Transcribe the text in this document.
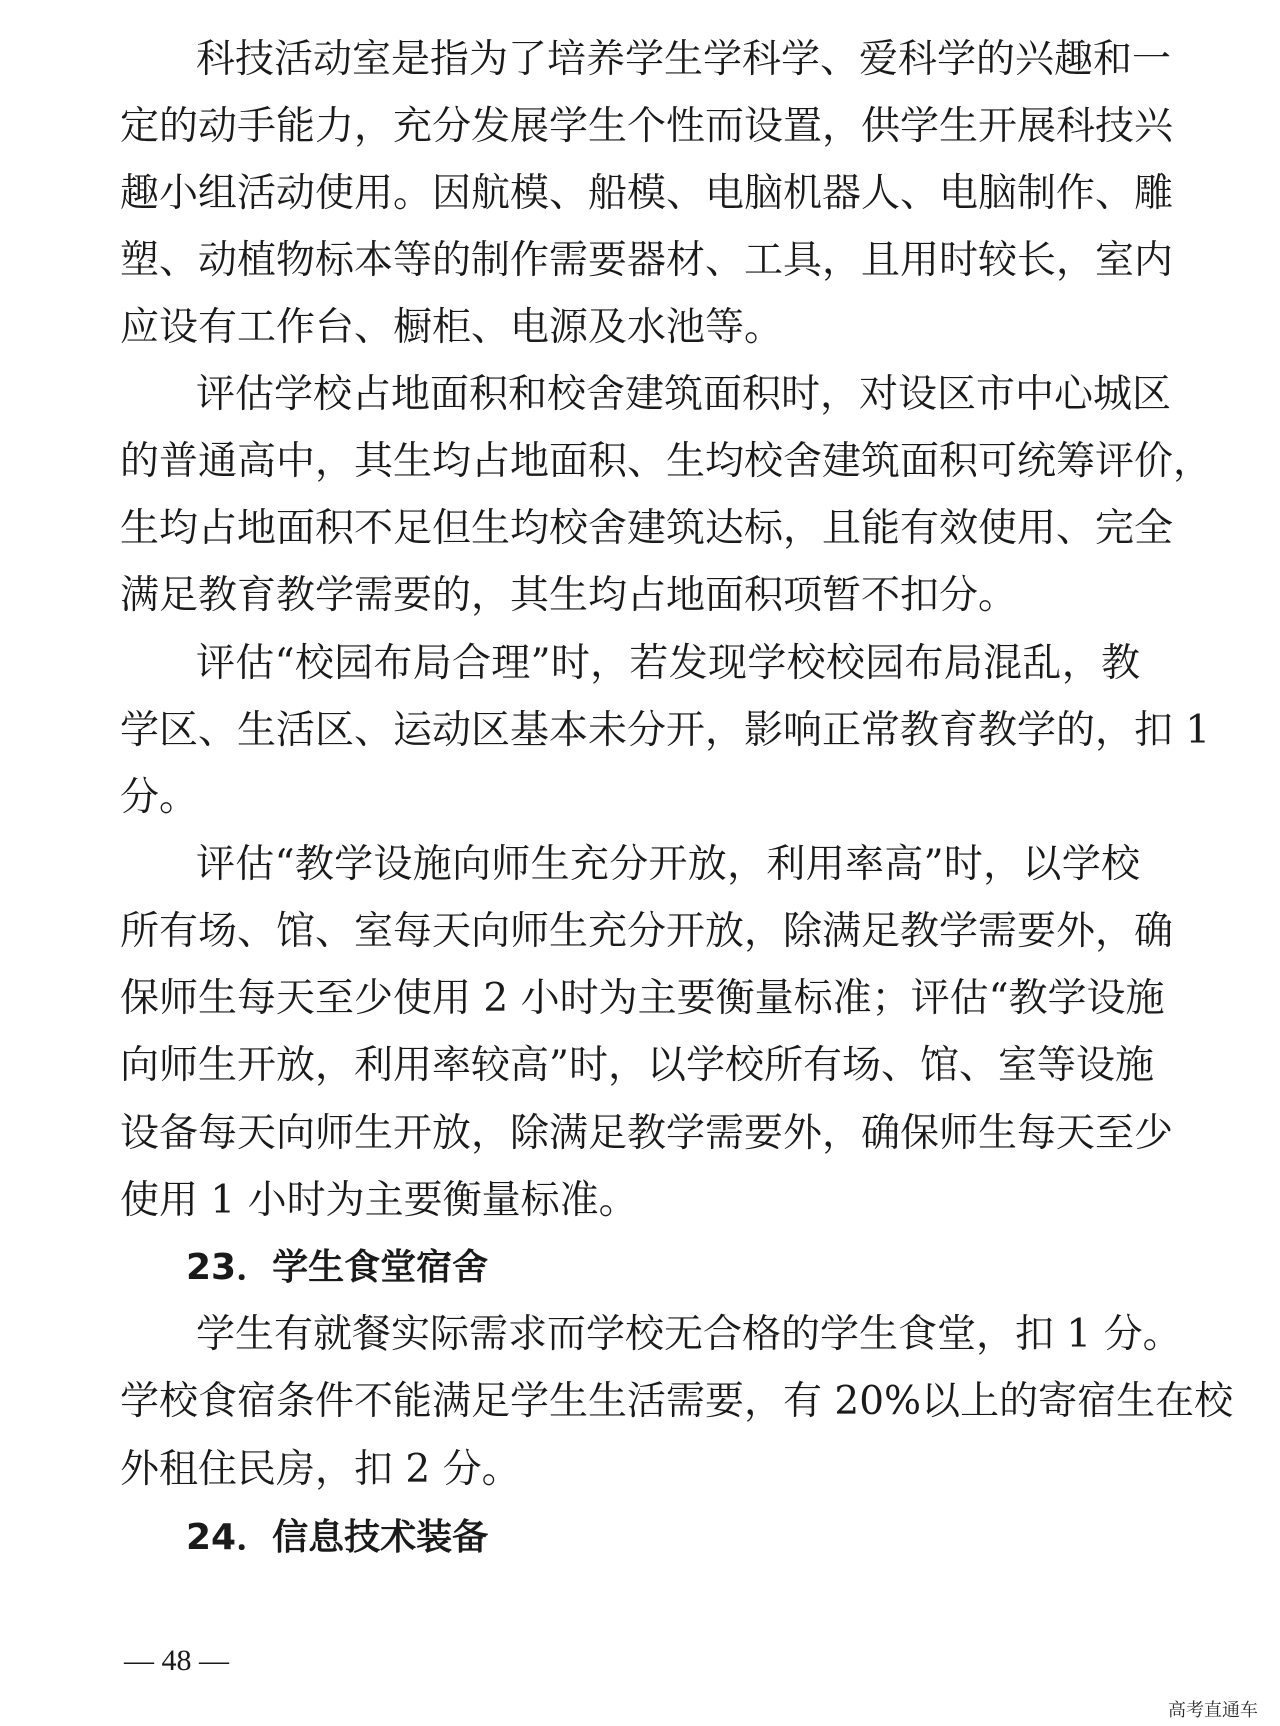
科技活动室是指为了培养学生学科学、爱科学的兴趣和一
定的动手能力，充分发展学生个性而设置，供学生开展科技兴
趣小组活动使用。因航模、船模、电脑机器人、电脑制作、雕
塑、动植物标本等的制作需要器材、工具，且用时较长，室内
应设有工作台、橱柜、电源及水池等。
评估学校占地面积和校舍建筑面积时，对设区市中心城区
的普通高中，其生均占地面积、生均校舍建筑面积可统筹评价，
生均占地面积不足但生均校舍建筑达标，且能有效使用、完全
满足教育教学需要的，其生均占地面积项暂不扣分。
评估“校园布局合理”时，若发现学校校园布局混乱，教
学区、生活区、运动区基本未分开，影响正常教育教学的，扣 1
分。
评估“教学设施向师生充分开放，利用率高”时，以学校
所有场、馆、室每天向师生充分开放，除满足教学需要外，确
保师生每天至少使用 2 小时为主要衡量标准；评估“教学设施
向师生开放，利用率较高”时，以学校所有场、馆、室等设施
设备每天向师生开放，除满足教学需要外，确保师生每天至少
使用 1 小时为主要衡量标准。
23．学生食堂宿舍
学生有就餐实际需求而学校无合格的学生食堂，扣 1 分。
学校食宿条件不能满足学生生活需要，有 20%以上的寄宿生在校
外租住民房，扣 2 分。
24．信息技术装备
— 48 —
高考直通车
